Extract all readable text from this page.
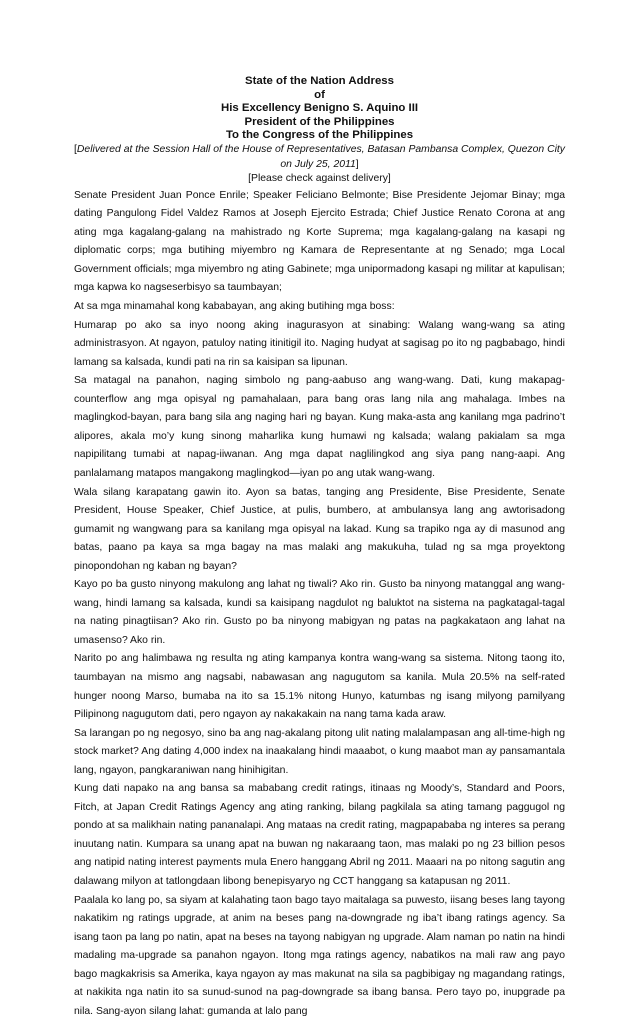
State of the Nation Address
of
His Excellency Benigno S. Aquino III
President of the Philippines
To the Congress of the Philippines
[Delivered at the Session Hall of the House of Representatives, Batasan Pambansa Complex, Quezon City on July 25, 2011]
[Please check against delivery]

Senate President Juan Ponce Enrile; Speaker Feliciano Belmonte; Bise Presidente Jejomar Binay; mga dating Pangulong Fidel Valdez Ramos at Joseph Ejercito Estrada; Chief Justice Renato Corona at ang ating mga kagalang-galang na mahistrado ng Korte Suprema; mga kagalang-galang na kasapi ng diplomatic corps; mga butihing miyembro ng Kamara de Representante at ng Senado; mga Local Government officials; mga miyembro ng ating Gabinete; mga unipormadong kasapi ng militar at kapulisan; mga kapwa ko nagseserbisyo sa taumbayan;

At sa mga minamahal kong kababayan, ang aking butihing mga boss:

Humarap po ako sa inyo noong aking inagurasyon at sinabing: Walang wang-wang sa ating administrasyon. At ngayon, patuloy nating itinitigil ito. Naging hudyat at sagisag po ito ng pagbabago, hindi lamang sa kalsada, kundi pati na rin sa kaisipan sa lipunan.

Sa matagal na panahon, naging simbolo ng pang-aabuso ang wang-wang. Dati, kung makapag-counterflow ang mga opisyal ng pamahalaan, para bang oras lang nila ang mahalaga. Imbes na maglingkod-bayan, para bang sila ang naging hari ng bayan. Kung maka-asta ang kanilang mga padrino’t alipores, akala mo’y kung sinong maharlika kung humawi ng kalsada; walang pakialam sa mga napipilitang tumabi at napag-iiwanan. Ang mga dapat naglilingkod ang siya pang nang-aapi. Ang panlalamang matapos mangakong maglingkod—iyan po ang utak wang-wang.

Wala silang karapatang gawin ito. Ayon sa batas, tanging ang Presidente, Bise Presidente, Senate President, House Speaker, Chief Justice, at pulis, bumbero, at ambulansya lang ang awtorisadong gumamit ng wangwang para sa kanilang mga opisyal na lakad. Kung sa trapiko nga ay di masunod ang batas, paano pa kaya sa mga bagay na mas malaki ang makukuha, tulad ng sa mga proyektong pinopondohan ng kaban ng bayan?

Kayo po ba gusto ninyong makulong ang lahat ng tiwali? Ako rin. Gusto ba ninyong matanggal ang wang-wang, hindi lamang sa kalsada, kundi sa kaisipang nagdulot ng baluktot na sistema na pagkatagal-tagal na nating pinagtiisan? Ako rin. Gusto po ba ninyong mabigyan ng patas na pagkakataon ang lahat na umasenso? Ako rin.

Narito po ang halimbawa ng resulta ng ating kampanya kontra wang-wang sa sistema. Nitong taong ito, taumbayan na mismo ang nagsabi, nabawasan ang nagugutom sa kanila. Mula 20.5% na self-rated hunger noong Marso, bumaba na ito sa 15.1% nitong Hunyo, katumbas ng isang milyong pamilyang Pilipinong nagugutom dati, pero ngayon ay nakakakain na nang tama kada araw.

Sa larangan po ng negosyo, sino ba ang nag-akalang pitong ulit nating malalampasan ang all-time-high ng stock market? Ang dating 4,000 index na inaakalang hindi maaabot, o kung maabot man ay pansamantala lang, ngayon, pangkaraniwan nang hinihigitan.

Kung dati napako na ang bansa sa mababang credit ratings, itinaas ng Moody’s, Standard and Poors, Fitch, at Japan Credit Ratings Agency ang ating ranking, bilang pagkilala sa ating tamang paggugol ng pondo at sa malikhain nating pananalapi. Ang mataas na credit rating, magpapababa ng interes sa perang inuutang natin. Kumpara sa unang apat na buwan ng nakaraang taon, mas malaki po ng 23 billion pesos ang natipid nating interest payments mula Enero hanggang Abril ng 2011. Maaari na po nitong sagutin ang dalawang milyon at tatlongdaan libong benepisyaryo ng CCT hanggang sa katapusan ng 2011.

Paalala ko lang po, sa siyam at kalahating taon bago tayo maitalaga sa puwesto, iisang beses lang tayong nakatikim ng ratings upgrade, at anim na beses pang na-downgrade ng iba’t ibang ratings agency. Sa isang taon pa lang po natin, apat na beses na tayong nabigyan ng upgrade. Alam naman po natin na hindi madaling ma-upgrade sa panahon ngayon. Itong mga ratings agency, nabatikos na mali raw ang payo bago magkakrisis sa Amerika, kaya ngayon ay mas makunat na sila sa pagbibigay ng magandang ratings, at nakikita nga natin ito sa sunud-sunod na pag-downgrade sa ibang bansa. Pero tayo po, inupgrade pa nila. Sang-ayon silang lahat: gumanda at lalo pang
